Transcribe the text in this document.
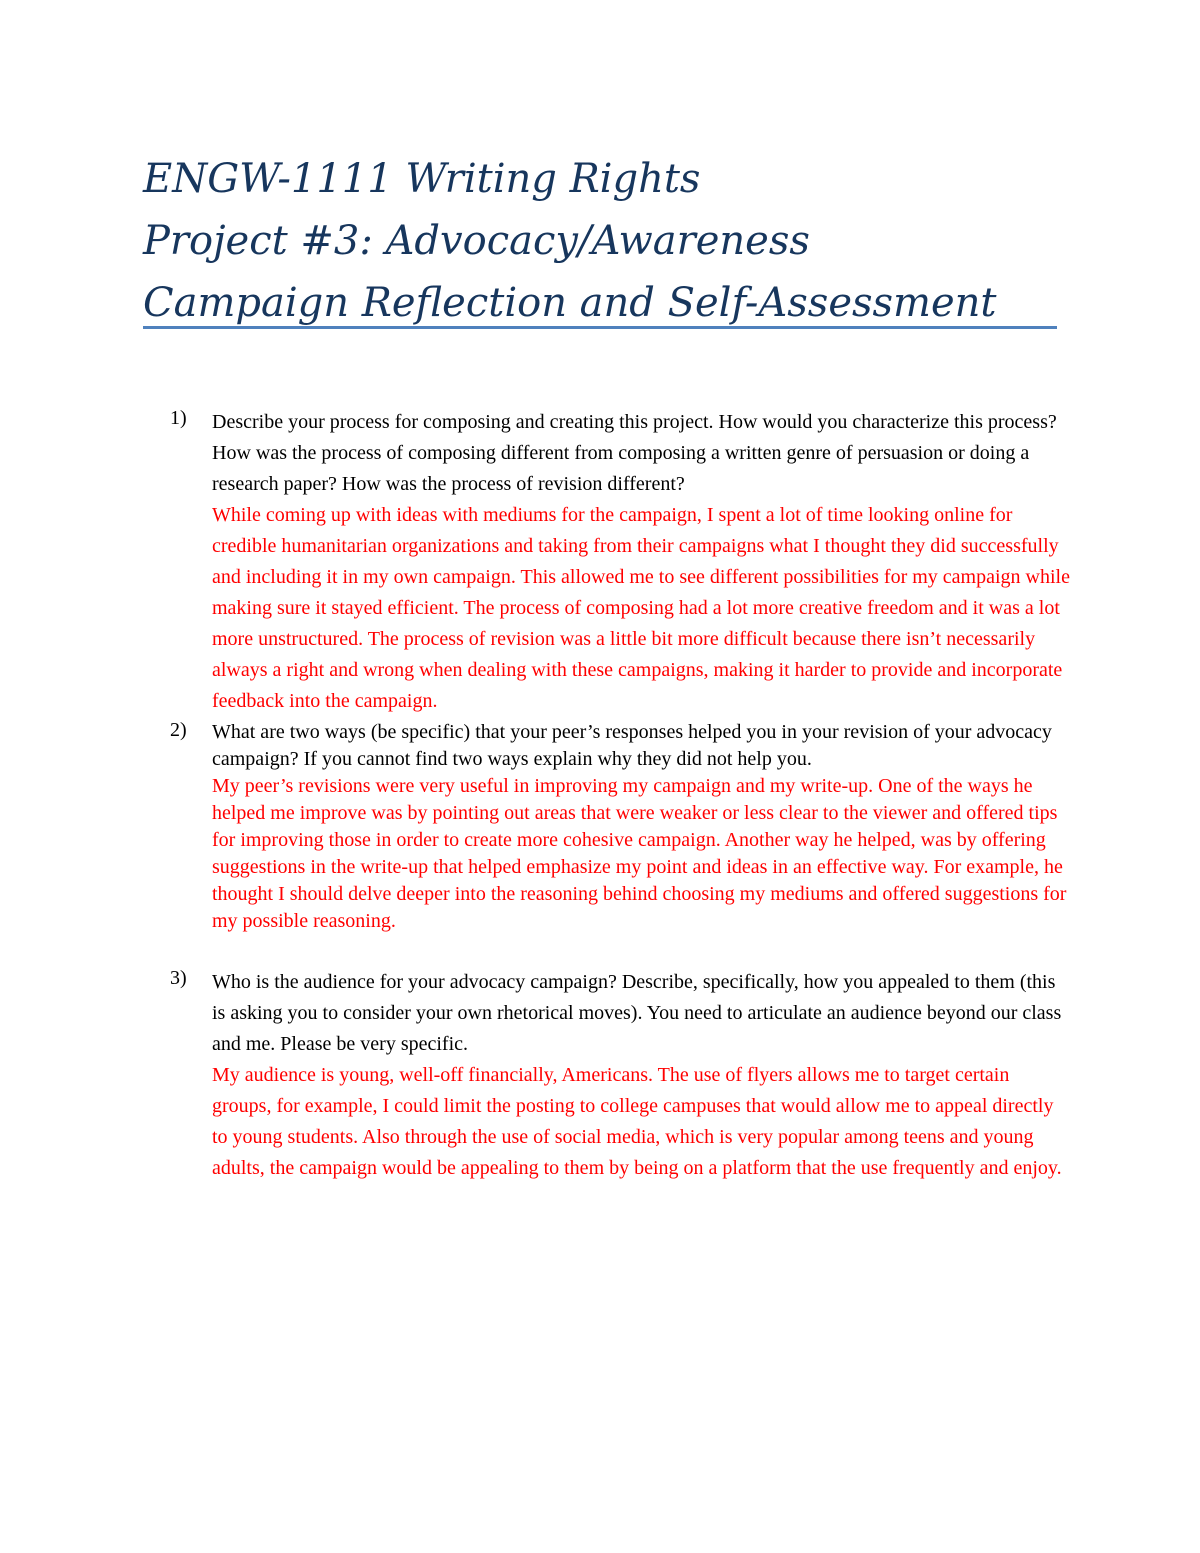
ENGW-1111 Writing Rights
Project #3: Advocacy/Awareness
Campaign Reflection and Self-Assessment
1)	Describe your process for composing and creating this project. How would you characterize this process? How was the process of composing different from composing a written genre of persuasion or doing a research paper? How was the process of revision different?
While coming up with ideas with mediums for the campaign, I spent a lot of time looking online for credible humanitarian organizations and taking from their campaigns what I thought they did successfully and including it in my own campaign. This allowed me to see different possibilities for my campaign while making sure it stayed efficient. The process of composing had a lot more creative freedom and it was a lot more unstructured. The process of revision was a little bit more difficult because there isn’t necessarily always a right and wrong when dealing with these campaigns, making it harder to provide and incorporate feedback into the campaign.
2)	What are two ways (be specific) that your peer’s responses helped you in your revision of your advocacy campaign? If you cannot find two ways explain why they did not help you.
My peer’s revisions were very useful in improving my campaign and my write-up. One of the ways he helped me improve was by pointing out areas that were weaker or less clear to the viewer and offered tips for improving those in order to create more cohesive campaign. Another way he helped, was by offering suggestions in the write-up that helped emphasize my point and ideas in an effective way. For example, he thought I should delve deeper into the reasoning behind choosing my mediums and offered suggestions for my possible reasoning.
3)	Who is the audience for your advocacy campaign? Describe, specifically, how you appealed to them (this is asking you to consider your own rhetorical moves). You need to articulate an audience beyond our class and me. Please be very specific.
My audience is young, well-off financially, Americans. The use of flyers allows me to target certain groups, for example, I could limit the posting to college campuses that would allow me to appeal directly to young students. Also through the use of social media, which is very popular among teens and young adults, the campaign would be appealing to them by being on a platform that the use frequently and enjoy.
